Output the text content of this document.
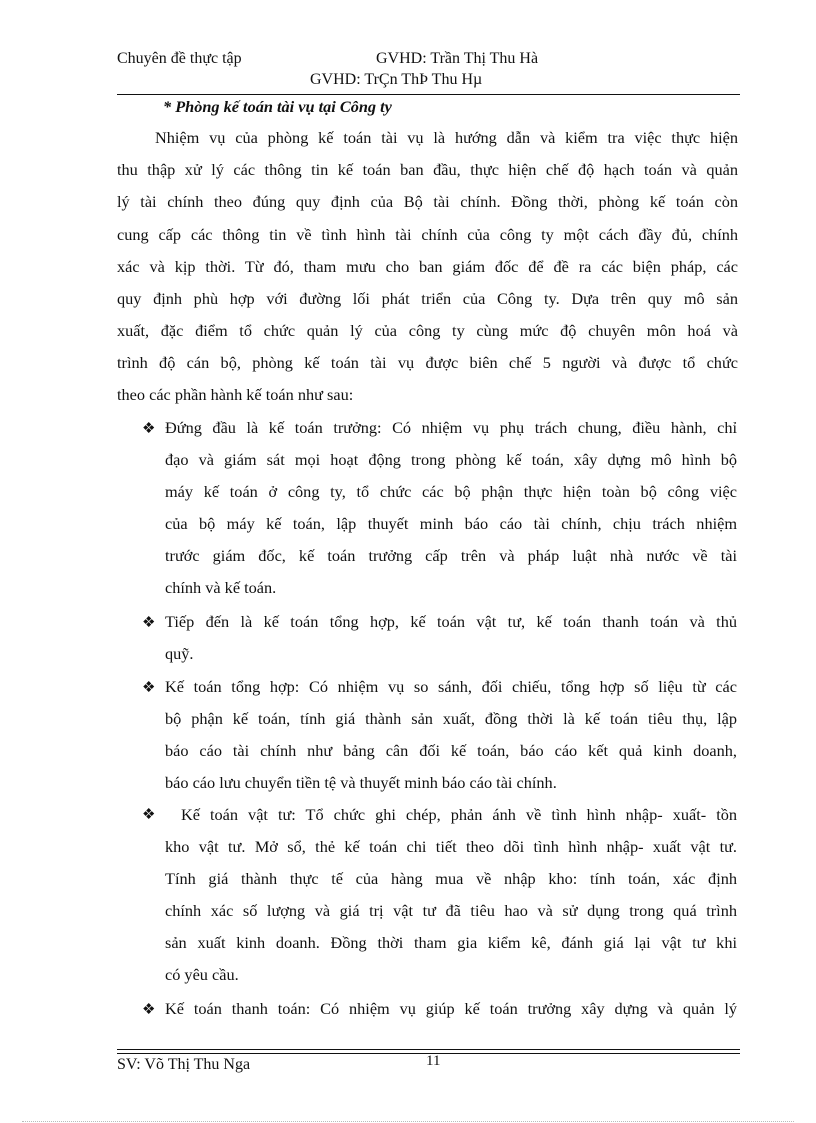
Chuyên đề thực tập	GVHD: Trần Thị Thu Hà
GVHD: TrÇn ThÞ Thu Hµ
* Phòng kế toán tài vụ tại Công ty
Nhiệm vụ của phòng kế toán tài vụ là hướng dẫn và kiểm tra việc thực hiện
thu thập xử lý các thông tin kế toán ban đầu, thực hiện chế độ hạch toán và quản
lý tài chính theo đúng quy định của Bộ tài chính. Đồng thời, phòng kế toán còn
cung cấp các thông tin về tình hình tài chính của công ty một cách đầy đủ, chính
xác và kịp thời. Từ đó, tham mưu cho ban giám đốc để đề ra các biện pháp, các
quy định phù hợp với đường lối phát triển của Công ty. Dựa trên quy mô sản
xuất, đặc điểm tổ chức quản lý của công ty cùng mức độ chuyên môn hoá và
trình độ cán bộ, phòng kế toán tài vụ được biên chế 5 người và được tổ chức
theo các phần hành kế toán như sau:
❖ Đứng đầu là kế toán trưởng: Có nhiệm vụ phụ trách chung, điều hành, chỉ
đạo và giám sát mọi hoạt động trong phòng kế toán, xây dựng mô hình bộ
máy kế toán ở công ty, tổ chức các bộ phận thực hiện toàn bộ công việc
của bộ máy kế toán, lập thuyết minh báo cáo tài chính, chịu trách nhiệm
trước giám đốc, kế toán trưởng cấp trên và pháp luật nhà nước về tài
chính và kế toán.
❖ Tiếp đến là kế toán tổng hợp, kế toán vật tư, kế toán thanh toán và thủ
quỹ.
❖ Kế toán tổng hợp: Có nhiệm vụ so sánh, đối chiếu, tổng hợp số liệu từ các
bộ phận kế toán, tính giá thành sản xuất, đồng thời là kế toán tiêu thụ, lập
báo cáo tài chính như bảng cân đối kế toán, báo cáo kết quả kinh doanh,
báo cáo lưu chuyển tiền tệ và thuyết minh báo cáo tài chính.
❖ Kế toán vật tư: Tổ chức ghi chép, phản ánh về tình hình nhập- xuất- tồn
kho vật tư. Mở sổ, thẻ kế toán chi tiết theo dõi tình hình nhập- xuất vật tư.
Tính giá thành thực tế của hàng mua về nhập kho: tính toán, xác định
chính xác số lượng và giá trị vật tư đã tiêu hao và sử dụng trong quá trình
sản xuất kinh doanh. Đồng thời tham gia kiểm kê, đánh giá lại vật tư khi
có yêu cầu.
❖ Kế toán thanh toán: Có nhiệm vụ giúp kế toán trưởng xây dựng và quản lý
SV: Võ Thị Thu Nga	11
